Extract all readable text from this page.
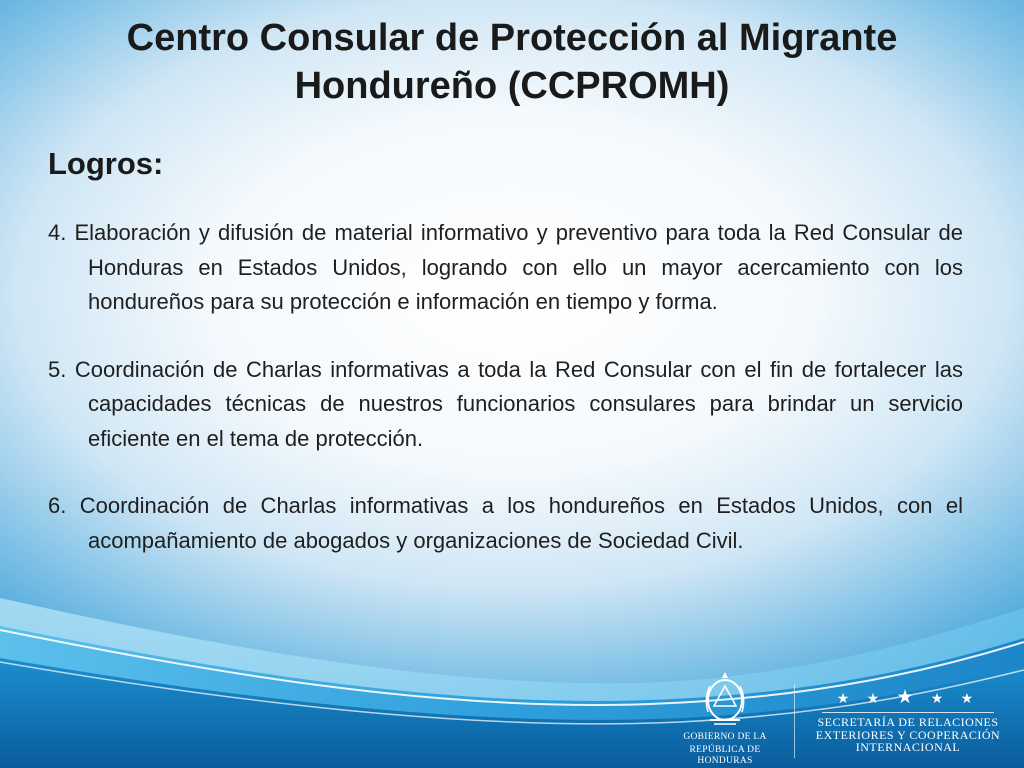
Centro Consular de Protección al Migrante Hondureño (CCPROMH)
Logros:
4. Elaboración y difusión de material informativo y preventivo para toda la Red Consular de Honduras en Estados Unidos, logrando con ello un mayor acercamiento con los hondureños para su protección e información en tiempo y forma.
5. Coordinación de Charlas informativas a toda la Red Consular con el fin de fortalecer las capacidades técnicas de nuestros funcionarios consulares para brindar un servicio eficiente en el tema de protección.
6. Coordinación de Charlas informativas a los hondureños en Estados Unidos, con el acompañamiento de abogados y organizaciones de Sociedad Civil.
GOBIERNO DE LA
REPÚBLICA DE HONDURAS
★ ★ ★ ★ ★
SECRETARÍA DE RELACIONES
EXTERIORES Y COOPERACIÓN
INTERNACIONAL
